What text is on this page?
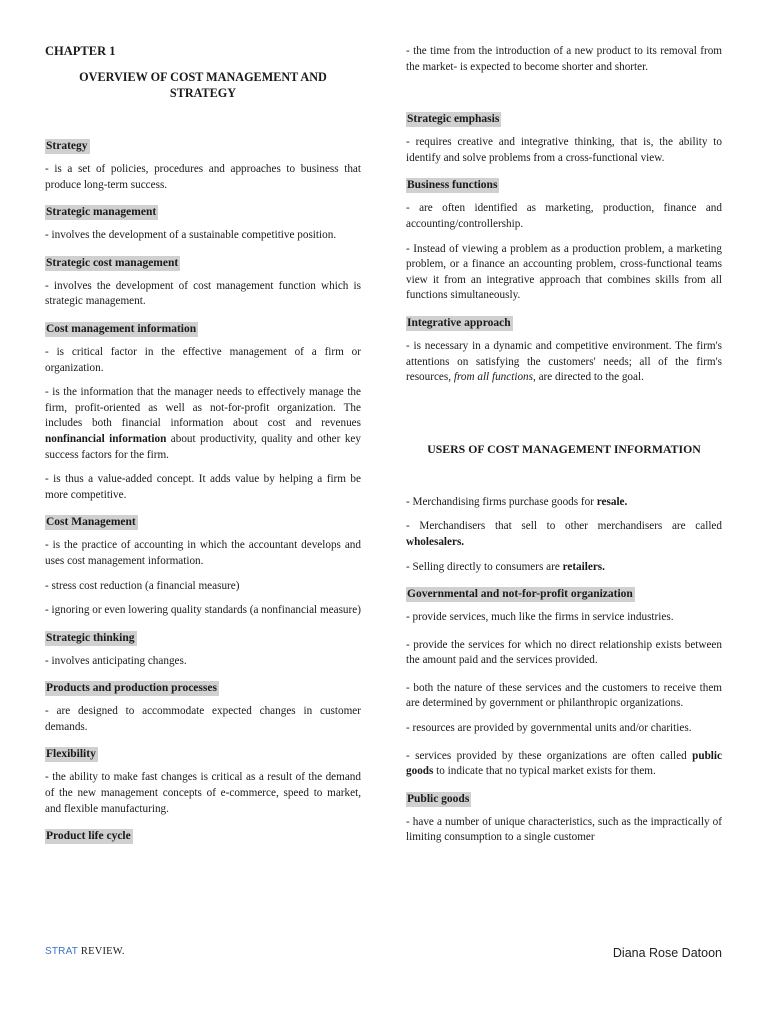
CHAPTER 1
OVERVIEW OF COST MANAGEMENT AND
STRATEGY
Strategy

- is a set of policies, procedures and approaches to business that produce long-term success.

Strategic management

- involves the development of a sustainable competitive position.

Strategic cost management

- involves the development of cost management function which is strategic management.

Cost management information

- is critical factor in the effective management of a firm or organization.

- is the information that the manager needs to effectively manage the firm, profit-oriented as well as not-for-profit organization. The includes both financial information about cost and revenues nonfinancial information about productivity, quality and other key success factors for the firm.

- is thus a value-added concept. It adds value by helping a firm be more competitive.

Cost Management

- is the practice of accounting in which the accountant develops and uses cost management information.

- stress cost reduction (a financial measure)

- ignoring or even lowering quality standards (a nonfinancial measure)

Strategic thinking

- involves anticipating changes.

Products and production processes

- are designed to accommodate expected changes in customer demands.

Flexibility

- the ability to make fast changes is critical as a result of the demand of the new management concepts of e-commerce, speed to market, and flexible manufacturing.

Product life cycle

- the time from the introduction of a new product to its removal from the market- is expected to become shorter and shorter.

Strategic emphasis

- requires creative and integrative thinking, that is, the ability to identify and solve problems from a cross-functional view.

Business functions

- are often identified as marketing, production, finance and accounting/controllership.

- Instead of viewing a problem as a production problem, a marketing problem, or a finance an accounting problem, cross-functional teams view it from an integrative approach that combines skills from all functions simultaneously.

Integrative approach

- is necessary in a dynamic and competitive environment. The firm's attentions on satisfying the customers' needs; all of the firm's resources, from all functions, are directed to the goal.

USERS OF COST MANAGEMENT INFORMATION

- Merchandising firms purchase goods for resale.

- Merchandisers that sell to other merchandisers are called wholesalers.

- Selling directly to consumers are retailers.

Governmental and not-for-profit organization

- provide services, much like the firms in service industries.

- provide the services for which no direct relationship exists between the amount paid and the services provided.

- both the nature of these services and the customers to receive them are determined by government or philanthropic organizations.

- resources are provided by governmental units and/or charities.

- services provided by these organizations are often called public goods to indicate that no typical market exists for them.

Public goods

- have a number of unique characteristics, such as the impractically of limiting consumption to a single customer

STRAT REVIEW.	Diana Rose Datoon
